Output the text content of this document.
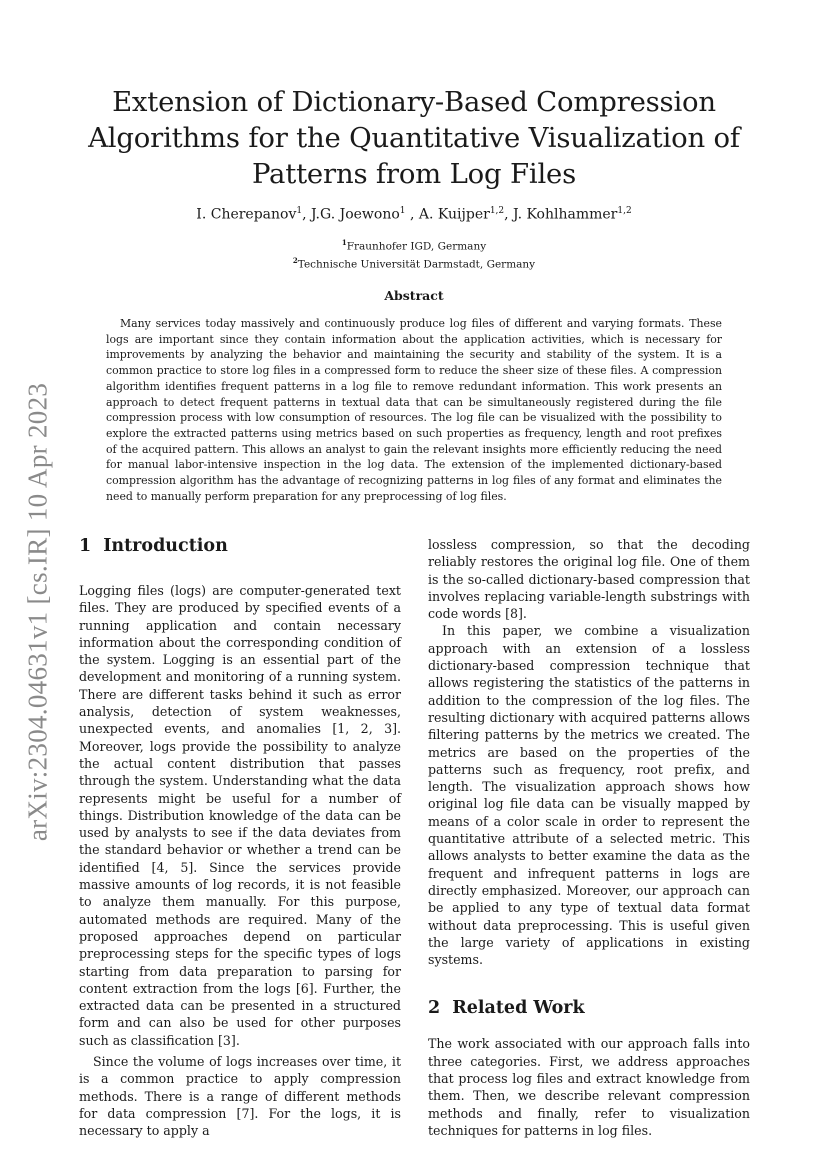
arXiv:2304.04631v1 [cs.IR] 10 Apr 2023
Extension of Dictionary-Based Compression Algorithms for the Quantitative Visualization of Patterns from Log Files
I. Cherepanov$^1$, J.G. Joewono$^1$ , A. Kuijper$^{1,2}$, J. Kohlhammer$^{1,2}$
$^1$Fraunhofer IGD, Germany
$^2$Technische Universität Darmstadt, Germany
Abstract
Many services today massively and continuously produce log files of different and varying formats. These logs are important since they contain information about the application activities, which is necessary for improvements by analyzing the behavior and maintaining the security and stability of the system. It is a common practice to store log files in a compressed form to reduce the sheer size of these files. A compression algorithm identifies frequent patterns in a log file to remove redundant information. This work presents an approach to detect frequent patterns in textual data that can be simultaneously registered during the file compression process with low consumption of resources. The log file can be visualized with the possibility to explore the extracted patterns using metrics based on such properties as frequency, length and root prefixes of the acquired pattern. This allows an analyst to gain the relevant insights more efficiently reducing the need for manual labor-intensive inspection in the log data. The extension of the implemented dictionary-based compression algorithm has the advantage of recognizing patterns in log files of any format and eliminates the need to manually perform preparation for any preprocessing of log files.
1 Introduction

Logging files (logs) are computer-generated text files. They are produced by specified events of a running application and contain necessary information about the corresponding condition of the system. Logging is an essential part of the development and monitoring of a running system. There are different tasks behind it such as error analysis, detection of system weaknesses, unexpected events, and anomalies [1, 2, 3]. Moreover, logs provide the possibility to analyze the actual content distribution that passes through the system. Understanding what the data represents might be useful for a number of things. Distribution knowledge of the data can be used by analysts to see if the data deviates from the standard behavior or whether a trend can be identified [4, 5]. Since the services provide massive amounts of log records, it is not feasible to analyze them manually. For this purpose, automated methods are required. Many of the proposed approaches depend on particular preprocessing steps for the specific types of logs starting from data preparation to parsing for content extraction from the logs [6]. Further, the extracted data can be presented in a structured form and can also be used for other purposes such as classification [3].

Since the volume of logs increases over time, it is a common practice to apply compression methods. There is a range of different methods for data compression [7]. For the logs, it is necessary to apply a

lossless compression, so that the decoding reliably restores the original log file. One of them is the so-called dictionary-based compression that involves replacing variable-length substrings with code words [8].

In this paper, we combine a visualization approach with an extension of a lossless dictionary-based compression technique that allows registering the statistics of the patterns in addition to the compression of the log files. The resulting dictionary with acquired patterns allows filtering patterns by the metrics we created. The metrics are based on the properties of the patterns such as frequency, root prefix, and length. The visualization approach shows how original log file data can be visually mapped by means of a color scale in order to represent the quantitative attribute of a selected metric. This allows analysts to better examine the data as the frequent and infrequent patterns in logs are directly emphasized. Moreover, our approach can be applied to any type of textual data format without data preprocessing. This is useful given the large variety of applications in existing systems.

2 Related Work

The work associated with our approach falls into three categories. First, we address approaches that process log files and extract knowledge from them. Then, we describe relevant compression methods and finally, refer to visualization techniques for patterns in log files.
